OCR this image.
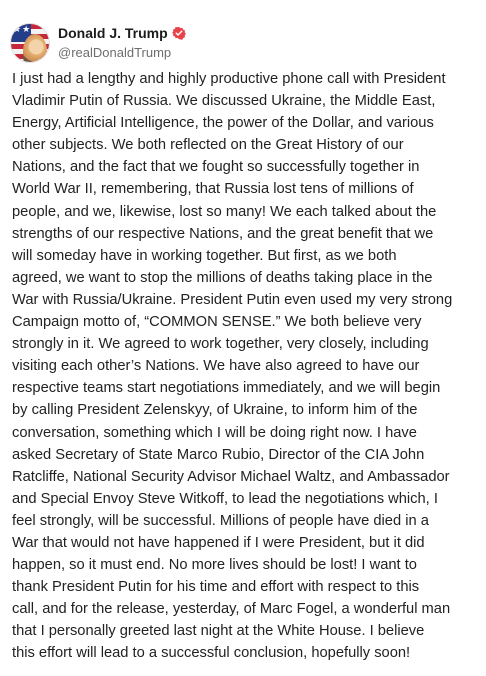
★★ Donald J. Trump
@realDonaldTrump

I just had a lengthy and highly productive phone call with President
Vladimir Putin of Russia. We discussed Ukraine, the Middle East,
Energy, Artificial Intelligence, the power of the Dollar, and various
other subjects. We both reflected on the Great History of our
Nations, and the fact that we fought so successfully together in
World War II, remembering, that Russia lost tens of millions of
people, and we, likewise, lost so many! We each talked about the
strengths of our respective Nations, and the great benefit that we
will someday have in working together. But first, as we both
agreed, we want to stop the millions of deaths taking place in the
War with Russia/Ukraine. President Putin even used my very strong
Campaign motto of, “COMMON SENSE.” We both believe very
strongly in it. We agreed to work together, very closely, including
visiting each other’s Nations. We have also agreed to have our
respective teams start negotiations immediately, and we will begin
by calling President Zelenskyy, of Ukraine, to inform him of the
conversation, something which I will be doing right now. I have
asked Secretary of State Marco Rubio, Director of the CIA John
Ratcliffe, National Security Advisor Michael Waltz, and Ambassador
and Special Envoy Steve Witkoff, to lead the negotiations which, I
feel strongly, will be successful. Millions of people have died in a
War that would not have happened if I were President, but it did
happen, so it must end. No more lives should be lost! I want to
thank President Putin for his time and effort with respect to this
call, and for the release, yesterday, of Marc Fogel, a wonderful man
that I personally greeted last night at the White House. I believe
this effort will lead to a successful conclusion, hopefully soon!
